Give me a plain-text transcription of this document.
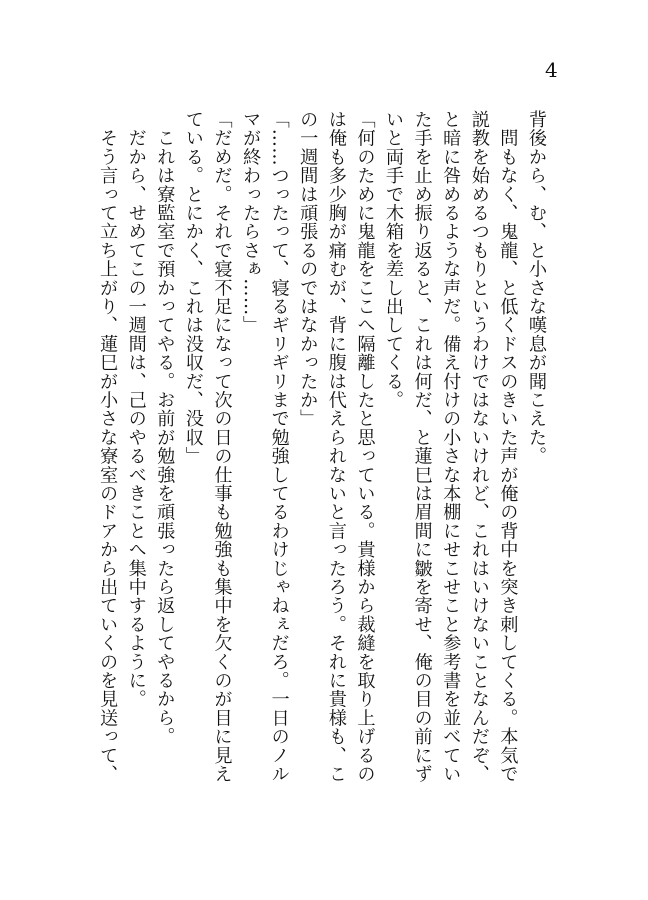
4
背後から、む、と小さな嘆息が聞こえた。
　問もなく、鬼龍、と低くドスのきいた声が俺の背中を突き刺してくる。本気で
説教を始めるつもりというわけではないけれど、これはいけないことなんだぞ、
と暗に咎めるような声だ。備え付けの小さな本棚にせこせこと参考書を並べてい
た手を止め振り返ると、これは何だ、と蓮巳は眉間に皺を寄せ、俺の目の前にず
いと両手で木箱を差し出してくる。
「何のために鬼龍をここへ隔離したと思っている。貴様から裁縫を取り上げるの
は俺も多少胸が痛むが、背に腹は代えられないと言ったろう。それに貴様も、こ
の一週間は頑張るのではなかったか」
「……つったって、寝るギリギリまで勉強してるわけじゃねぇだろ。一日のノル
マが終わったらさぁ……」
「だめだ。それで寝不足になって次の日の仕事も勉強も集中を欠くのが目に見え
ている。とにかく、これは没収だ、没収」
　これは寮監室で預かってやる。お前が勉強を頑張ったら返してやるから。
　だから、せめてこの一週間は、己のやるべきことへ集中するように。
　そう言って立ち上がり、蓮巳が小さな寮室のドアから出ていくのを見送って、
